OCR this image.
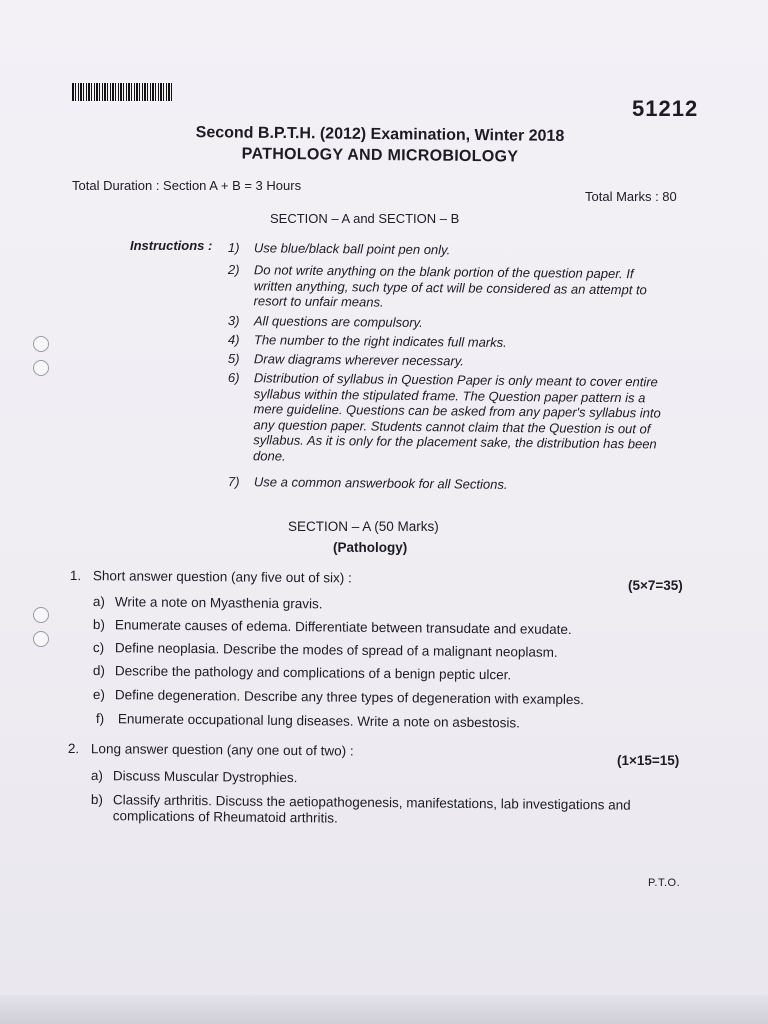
51212
Second B.P.T.H. (2012) Examination, Winter 2018
PATHOLOGY AND MICROBIOLOGY
Total Duration : Section A + B = 3 Hours
Total Marks : 80
SECTION – A and SECTION – B
Instructions : 1)	Use blue/black ball point pen only.
2)	Do not write anything on the blank portion of the question paper. If written anything, such type of act will be considered as an attempt to resort to unfair means.
3)	All questions are compulsory.
4)	The number to the right indicates full marks.
5)	Draw diagrams wherever necessary.
6)	Distribution of syllabus in Question Paper is only meant to cover entire syllabus within the stipulated frame. The Question paper pattern is a mere guideline. Questions can be asked from any paper's syllabus into any question paper. Students cannot claim that the Question is out of syllabus. As it is only for the placement sake, the distribution has been done.
7)	Use a common answerbook for all Sections.
SECTION – A (50 Marks)
(Pathology)
1. Short answer question (any five out of six) :
(5×7=35)
a) Write a note on Myasthenia gravis.
b) Enumerate causes of edema. Differentiate between transudate and exudate.
c) Define neoplasia. Describe the modes of spread of a malignant neoplasm.
d) Describe the pathology and complications of a benign peptic ulcer.
e) Define degeneration. Describe any three types of degeneration with examples.
f) Enumerate occupational lung diseases. Write a note on asbestosis.
2. Long answer question (any one out of two) :
(1×15=15)
a) Discuss Muscular Dystrophies.
b) Classify arthritis. Discuss the aetiopathogenesis, manifestations, lab investigations and complications of Rheumatoid arthritis.
P.T.O.
